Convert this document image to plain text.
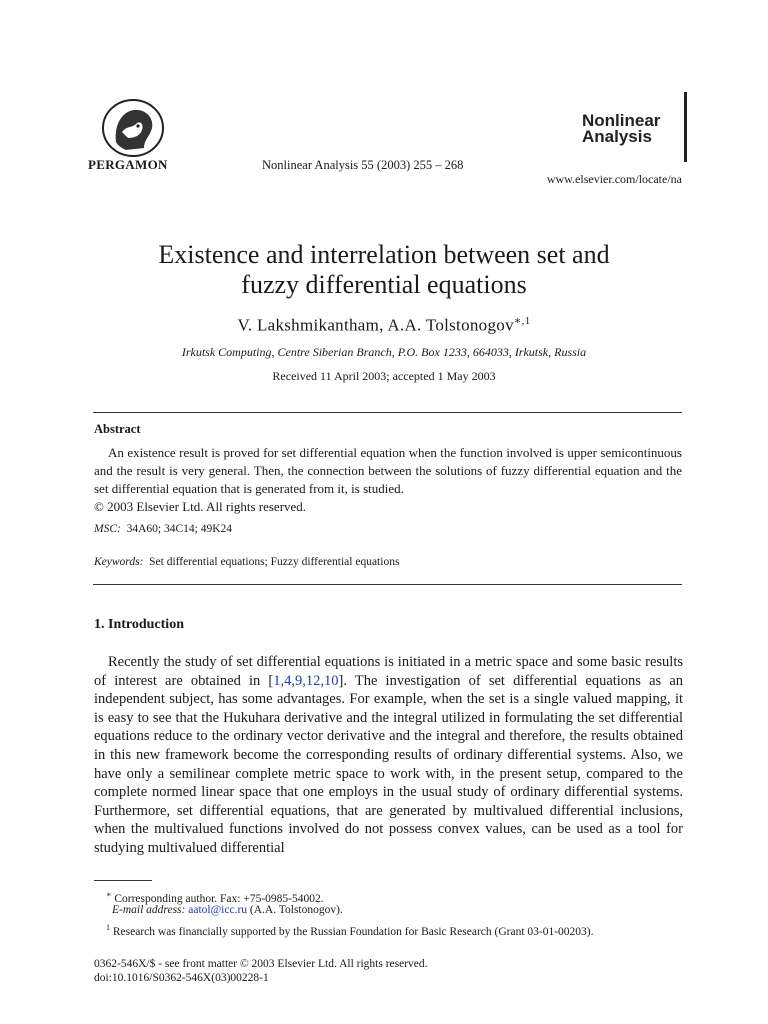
PERGAMON	Nonlinear Analysis 55 (2003) 255 – 268
Nonlinear
Analysis
www.elsevier.com/locate/na
Existence and interrelation between set and
fuzzy differential equations
V. Lakshmikantham, A.A. Tolstonogov$^{∗,1}$
Irkutsk Computing, Centre Siberian Branch, P.O. Box 1233, 664033, Irkutsk, Russia
Received 11 April 2003; accepted 1 May 2003
Abstract
An existence result is proved for set differential equation when the function involved is upper semicontinuous and the result is very general. Then, the connection between the solutions of fuzzy differential equation and the set differential equation that is generated from it, is studied.
© 2003 Elsevier Ltd. All rights reserved.
MSC: 34A60; 34C14; 49K24
Keywords: Set differential equations; Fuzzy differential equations
1. Introduction
Recently the study of set differential equations is initiated in a metric space and some basic results of interest are obtained in [1,4,9,12,10]. The investigation of set differential equations as an independent subject, has some advantages. For example, when the set is a single valued mapping, it is easy to see that the Hukuhara derivative and the integral utilized in formulating the set differential equations reduce to the ordinary vector derivative and the integral and therefore, the results obtained in this new framework become the corresponding results of ordinary differential systems. Also, we have only a semilinear complete metric space to work with, in the present setup, compared to the complete normed linear space that one employs in the usual study of ordinary differential systems. Furthermore, set differential equations, that are generated by multivalued differential inclusions, when the multivalued functions involved do not possess convex values, can be used as a tool for studying multivalued differential
∗ Corresponding author. Fax: +75-0985-54002.
E-mail address: aatol@icc.ru (A.A. Tolstonogov).
$^1$ Research was financially supported by the Russian Foundation for Basic Research (Grant 03-01-00203).
0362-546X/$ - see front matter © 2003 Elsevier Ltd. All rights reserved.
doi:10.1016/S0362-546X(03)00228-1
